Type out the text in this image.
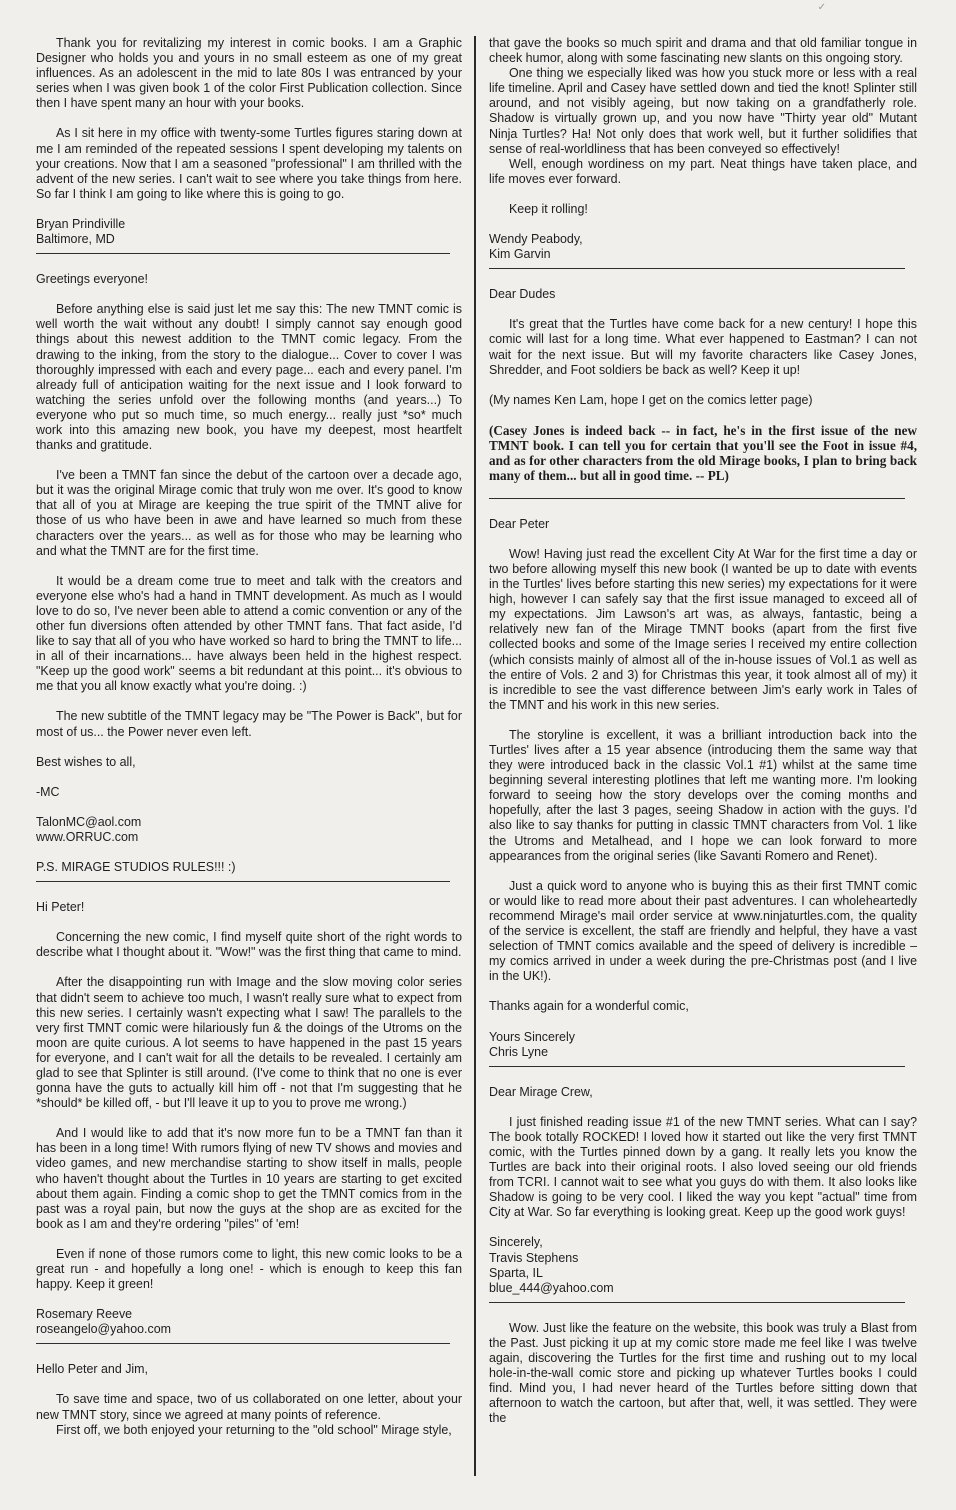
✓

Thank you for revitalizing my interest in comic books. I am a Graphic Designer who holds you and yours in no small esteem as one of my great influences. As an adolescent in the mid to late 80s I was entranced by your series when I was given book 1 of the color First Publication collection. Since then I have spent many an hour with your books.

As I sit here in my office with twenty-some Turtles figures staring down at me I am reminded of the repeated sessions I spent developing my talents on your creations. Now that I am a seasoned "professional" I am thrilled with the advent of the new series. I can't wait to see where you take things from here. So far I think I am going to like where this is going to go.

Bryan Prindiville
Baltimore, MD

Greetings everyone!

Before anything else is said just let me say this: The new TMNT comic is well worth the wait without any doubt! I simply cannot say enough good things about this newest addition to the TMNT comic legacy. From the drawing to the inking, from the story to the dialogue... Cover to cover I was thoroughly impressed with each and every page... each and every panel. I'm already full of anticipation waiting for the next issue and I look forward to watching the series unfold over the following months (and years...) To everyone who put so much time, so much energy... really just *so* much work into this amazing new book, you have my deepest, most heartfelt thanks and gratitude.

I've been a TMNT fan since the debut of the cartoon over a decade ago, but it was the original Mirage comic that truly won me over. It's good to know that all of you at Mirage are keeping the true spirit of the TMNT alive for those of us who have been in awe and have learned so much from these characters over the years... as well as for those who may be learning who and what the TMNT are for the first time.

It would be a dream come true to meet and talk with the creators and everyone else who's had a hand in TMNT development. As much as I would love to do so, I've never been able to attend a comic convention or any of the other fun diversions often attended by other TMNT fans. That fact aside, I'd like to say that all of you who have worked so hard to bring the TMNT to life... in all of their incarnations... have always been held in the highest respect. "Keep up the good work" seems a bit redundant at this point... it's obvious to me that you all know exactly what you're doing. :)

The new subtitle of the TMNT legacy may be "The Power is Back", but for most of us... the Power never even left.

Best wishes to all,

-MC

TalonMC@aol.com

www.ORRUC.com

P.S. MIRAGE STUDIOS RULES!!! :)

Hi Peter!

Concerning the new comic, I find myself quite short of the right words to describe what I thought about it. "Wow!" was the first thing that came to mind.

After the disappointing run with Image and the slow moving color series that didn't seem to achieve too much, I wasn't really sure what to expect from this new series. I certainly wasn't expecting what I saw! The parallels to the very first TMNT comic were hilariously fun & the doings of the Utroms on the moon are quite curious. A lot seems to have happened in the past 15 years for everyone, and I can't wait for all the details to be revealed. I certainly am glad to see that Splinter is still around. (I've come to think that no one is ever gonna have the guts to actually kill him off - not that I'm suggesting that he *should* be killed off, - but I'll leave it up to you to prove me wrong.)

And I would like to add that it's now more fun to be a TMNT fan than it has been in a long time! With rumors flying of new TV shows and movies and video games, and new merchandise starting to show itself in malls, people who haven't thought about the Turtles in 10 years are starting to get excited about them again. Finding a comic shop to get the TMNT comics from in the past was a royal pain, but now the guys at the shop are as excited for the book as I am and they're ordering "piles" of 'em!

Even if none of those rumors come to light, this new comic looks to be a great run - and hopefully a long one! - which is enough to keep this fan happy. Keep it green!

Rosemary Reeve
roseangelo@yahoo.com

Hello Peter and Jim,

To save time and space, two of us collaborated on one letter, about your new TMNT story, since we agreed at many points of reference.

First off, we both enjoyed your returning to the "old school" Mirage style,

that gave the books so much spirit and drama and that old familiar tongue in cheek humor, along with some fascinating new slants on this ongoing story.

One thing we especially liked was how you stuck more or less with a real life timeline. April and Casey have settled down and tied the knot! Splinter still around, and not visibly ageing, but now taking on a grandfatherly role. Shadow is virtually grown up, and you now have "Thirty year old" Mutant Ninja Turtles? Ha! Not only does that work well, but it further solidifies that sense of real-worldliness that has been conveyed so effectively!

Well, enough wordiness on my part. Neat things have taken place, and life moves ever forward.

Keep it rolling!

Wendy Peabody,
Kim Garvin

Dear Dudes

It's great that the Turtles have come back for a new century! I hope this comic will last for a long time. What ever happened to Eastman? I can not wait for the next issue. But will my favorite characters like Casey Jones, Shredder, and Foot soldiers be back as well? Keep it up!

(My names Ken Lam, hope I get on the comics letter page)

(Casey Jones is indeed back -- in fact, he's in the first issue of the new TMNT book. I can tell you for certain that you'll see the Foot in issue #4, and as for other characters from the old Mirage books, I plan to bring back many of them... but all in good time. -- PL)

Dear Peter

Wow! Having just read the excellent City At War for the first time a day or two before allowing myself this new book (I wanted be up to date with events in the Turtles' lives before starting this new series) my expectations for it were high, however I can safely say that the first issue managed to exceed all of my expectations. Jim Lawson's art was, as always, fantastic, being a relatively new fan of the Mirage TMNT books (apart from the first five collected books and some of the Image series I received my entire collection (which consists mainly of almost all of the in-house issues of Vol.1 as well as the entire of Vols. 2 and 3) for Christmas this year, it took almost all of my) it is incredible to see the vast difference between Jim's early work in Tales of the TMNT and his work in this new series.

The storyline is excellent, it was a brilliant introduction back into the Turtles' lives after a 15 year absence (introducing them the same way that they were introduced back in the classic Vol.1 #1) whilst at the same time beginning several interesting plotlines that left me wanting more. I'm looking forward to seeing how the story develops over the coming months and hopefully, after the last 3 pages, seeing Shadow in action with the guys. I'd also like to say thanks for putting in classic TMNT characters from Vol. 1 like the Utroms and Metalhead, and I hope we can look forward to more appearances from the original series (like Savanti Romero and Renet).

Just a quick word to anyone who is buying this as their first TMNT comic or would like to read more about their past adventures. I can wholeheartedly recommend Mirage's mail order service at www.ninjaturtles.com, the quality of the service is excellent, the staff are friendly and helpful, they have a vast selection of TMNT comics available and the speed of delivery is incredible – my comics arrived in under a week during the pre-Christmas post (and I live in the UK!).

Thanks again for a wonderful comic,

Yours Sincerely
Chris Lyne

Dear Mirage Crew,

I just finished reading issue #1 of the new TMNT series. What can I say? The book totally ROCKED! I loved how it started out like the very first TMNT comic, with the Turtles pinned down by a gang. It really lets you know the Turtles are back into their original roots. I also loved seeing our old friends from TCRI. I cannot wait to see what you guys do with them. It also looks like Shadow is going to be very cool. I liked the way you kept "actual" time from City at War. So far everything is looking great. Keep up the good work guys!

Sincerely,
Travis Stephens
Sparta, IL
blue_444@yahoo.com

Wow. Just like the feature on the website, this book was truly a Blast from the Past. Just picking it up at my comic store made me feel like I was twelve again, discovering the Turtles for the first time and rushing out to my local hole-in-the-wall comic store and picking up whatever Turtles books I could find. Mind you, I had never heard of the Turtles before sitting down that afternoon to watch the cartoon, but after that, well, it was settled. They were the
